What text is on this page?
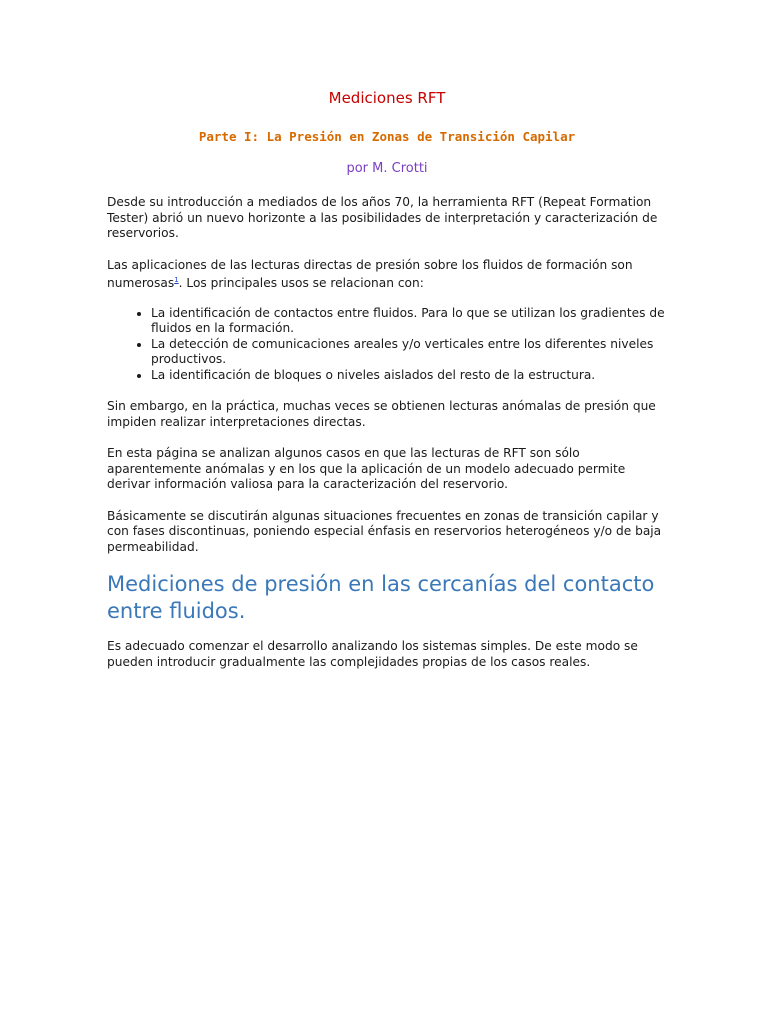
Mediciones RFT
Parte I: La Presión en Zonas de Transición Capilar
por M. Crotti

Desde su introducción a mediados de los años 70, la herramienta RFT (Repeat Formation Tester) abrió un nuevo horizonte a las posibilidades de interpretación y caracterización de reservorios.

Las aplicaciones de las lecturas directas de presión sobre los fluidos de formación son numerosas$^1$. Los principales usos se relacionan con:

• La identificación de contactos entre fluidos. Para lo que se utilizan los gradientes de fluidos en la formación.
• La detección de comunicaciones areales y/o verticales entre los diferentes niveles productivos.
• La identificación de bloques o niveles aislados del resto de la estructura.

Sin embargo, en la práctica, muchas veces se obtienen lecturas anómalas de presión que impiden realizar interpretaciones directas.

En esta página se analizan algunos casos en que las lecturas de RFT son sólo aparentemente anómalas y en los que la aplicación de un modelo adecuado permite derivar información valiosa para la caracterización del reservorio.

Básicamente se discutirán algunas situaciones frecuentes en zonas de transición capilar y con fases discontinuas, poniendo especial énfasis en reservorios heterogéneos y/o de baja permeabilidad.

Mediciones de presión en las cercanías del contacto entre fluidos.

Es adecuado comenzar el desarrollo analizando los sistemas simples. De este modo se pueden introducir gradualmente las complejidades propias de los casos reales.
